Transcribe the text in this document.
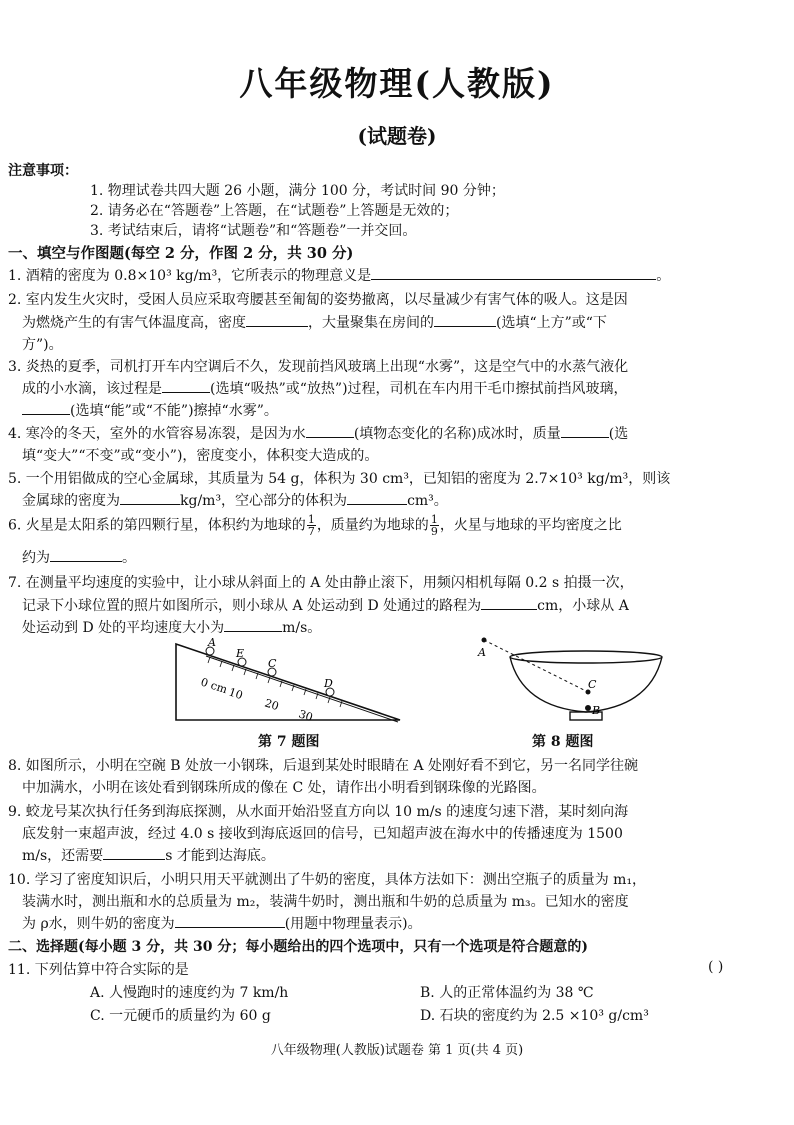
八年级物理(人教版)
(试题卷)
注意事项：
1. 物理试卷共四大题 26 小题，满分 100 分，考试时间 90 分钟；
2. 请务必在“答题卷”上答题，在“试题卷”上答题是无效的；
3. 考试结束后，请将“试题卷”和“答题卷”一并交回。
一、填空与作图题(每空 2 分，作图 2 分，共 30 分)
1. 酒精的密度为 0.8×10³ kg/m³，它所表示的物理意义是	。
2. 室内发生火灾时，受困人员应采取弯腰甚至匍匐的姿势撤离，以尽量减少有害气体的吸人。这是因
为燃烧产生的有害气体温度高，密度	，大量聚集在房间的	(选填“上方”或“下
方”)。
3. 炎热的夏季，司机打开车内空调后不久，发现前挡风玻璃上出现“水雾”，这是空气中的水蒸气液化
成的小水滴，该过程是	(选填“吸热”或“放热”)过程，司机在车内用干毛巾擦拭前挡风玻璃，
(选填“能”或“不能”)擦掉“水雾”。
4. 寒冷的冬天，室外的水管容易冻裂，是因为水	(填物态变化的名称)成冰时，质量	(选
填“变大”“不变”或“变小”)，密度变小，体积变大造成的。
5. 一个用铝做成的空心金属球，其质量为 54 g，体积为 30 cm³，已知铝的密度为 2.7×10³ kg/m³，则该
金属球的密度为	kg/m³，空心部分的体积为	cm³。
6. 火星是太阳系的第四颗行星，体积约为地球的 $\frac{1}{7}$ ，质量约为地球的 $\frac{1}{9}$ ，火星与地球的平均密度之比
约为	。
7. 在测量平均速度的实验中，让小球从斜面上的 A 处由静止滚下，用频闪相机每隔 0.2 s 拍摄一次，
记录下小球位置的照片如图所示，则小球从 A 处运动到 D 处通过的路程为	cm，小球从 A
处运动到 D 处的平均速度大小为	m/s。
A
E
C
D
0 cm
10
20
30
第 7 题图
A
C
B
第 8 题图
8. 如图所示，小明在空碗 B 处放一小钢珠，后退到某处时眼睛在 A 处刚好看不到它，另一名同学往碗
中加满水，小明在该处看到钢珠所成的像在 C 处，请作出小明看到钢珠像的光路图。
9. 蛟龙号某次执行任务到海底探测，从水面开始沿竖直方向以 10 m/s 的速度匀速下潜，某时刻向海
底发射一束超声波，经过 4.0 s 接收到海底返回的信号，已知超声波在海水中的传播速度为 1500
m/s，还需要	s 才能到达海底。
10. 学习了密度知识后，小明只用天平就测出了牛奶的密度，具体方法如下：测出空瓶子的质量为 m₁，
装满水时，测出瓶和水的总质量为 m₂，装满牛奶时，测出瓶和牛奶的总质量为 m₃。已知水的密度
为 ρ水，则牛奶的密度为	(用题中物理量表示)。
二、选择题(每小题 3 分，共 30 分；每小题给出的四个选项中，只有一个选项是符合题意的)
11. 下列估算中符合实际的是	( )
A. 人慢跑时的速度约为 7 km/h	B. 人的正常体温约为 38 ℃
C. 一元硬币的质量约为 60 g	D. 石块的密度约为 2.5 ×10³ g/cm³
八年级物理(人教版)试题卷 第 1 页(共 4 页)
